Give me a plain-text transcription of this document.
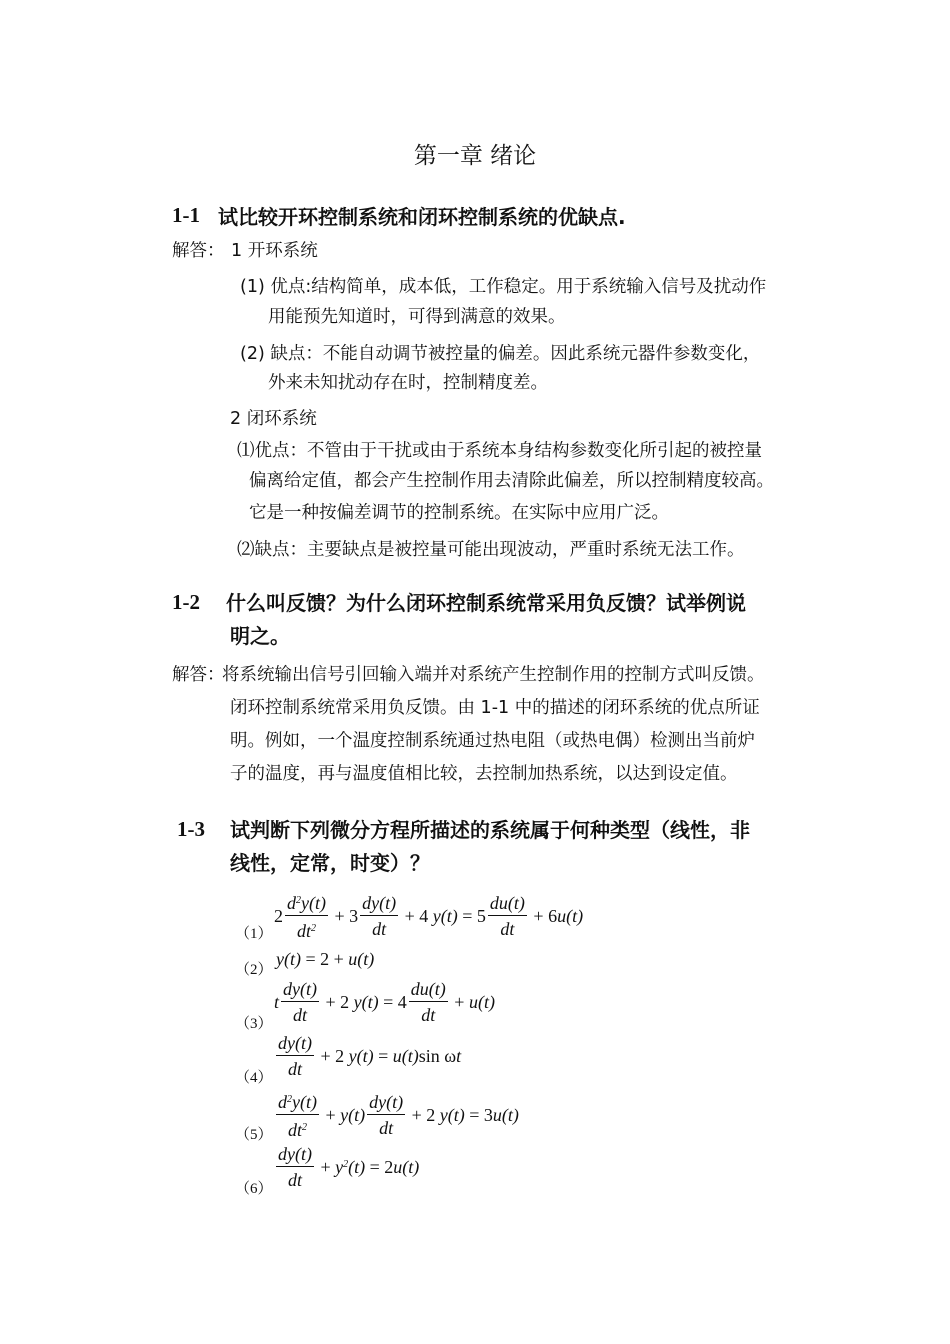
第一章 绪论
1-1 试比较开环控制系统和闭环控制系统的优缺点.
解答： 1 开环系统
(1) 优点:结构简单，成本低，工作稳定。用于系统输入信号及扰动作
用能预先知道时，可得到满意的效果。
(2) 缺点：不能自动调节被控量的偏差。因此系统元器件参数变化，
外来未知扰动存在时，控制精度差。
2 闭环系统
⑴优点：不管由于干扰或由于系统本身结构参数变化所引起的被控量
偏离给定值，都会产生控制作用去清除此偏差，所以控制精度较高。
它是一种按偏差调节的控制系统。在实际中应用广泛。
⑵缺点：主要缺点是被控量可能出现波动，严重时系统无法工作。
1-2 什么叫反馈？为什么闭环控制系统常采用负反馈？试举例说
明之。
解答：
将系统输出信号引回输入端并对系统产生控制作用的控制方式叫反馈。
闭环控制系统常采用负反馈。由 1-1 中的描述的闭环系统的优点所证
明。例如，一个温度控制系统通过热电阻（或热电偶）检测出当前炉
子的温度，再与温度值相比较，去控制加热系统，以达到设定值。
1-3 试判断下列微分方程所描述的系统属于何种类型（线性，非
线性，定常，时变）？
（1）
（2）
（3）
（4）
（5）
（6）
$2 \frac{d^2y(t)}{dt^2} + 3 \frac{dy(t)}{dt} + 4$ $y(t) = 5 \frac{du(t)}{dt} + 6$ u(t)
y(t) = 2 + u(t)
t $\frac{dy(t)}{dt} + 2$ $y(t) = 4 \frac{du(t)}{dt} + u(t)$
$\frac{dy(t)}{dt} + 2$ y(t) = u(t) sin ω t
$\frac{d^2y(t)}{dt^2} + y(t) \frac{dy(t)}{dt} + 2$ y(t) = 3 u(t)
$\frac{dy(t)}{dt} + y^2(t) = 2$ u(t)
